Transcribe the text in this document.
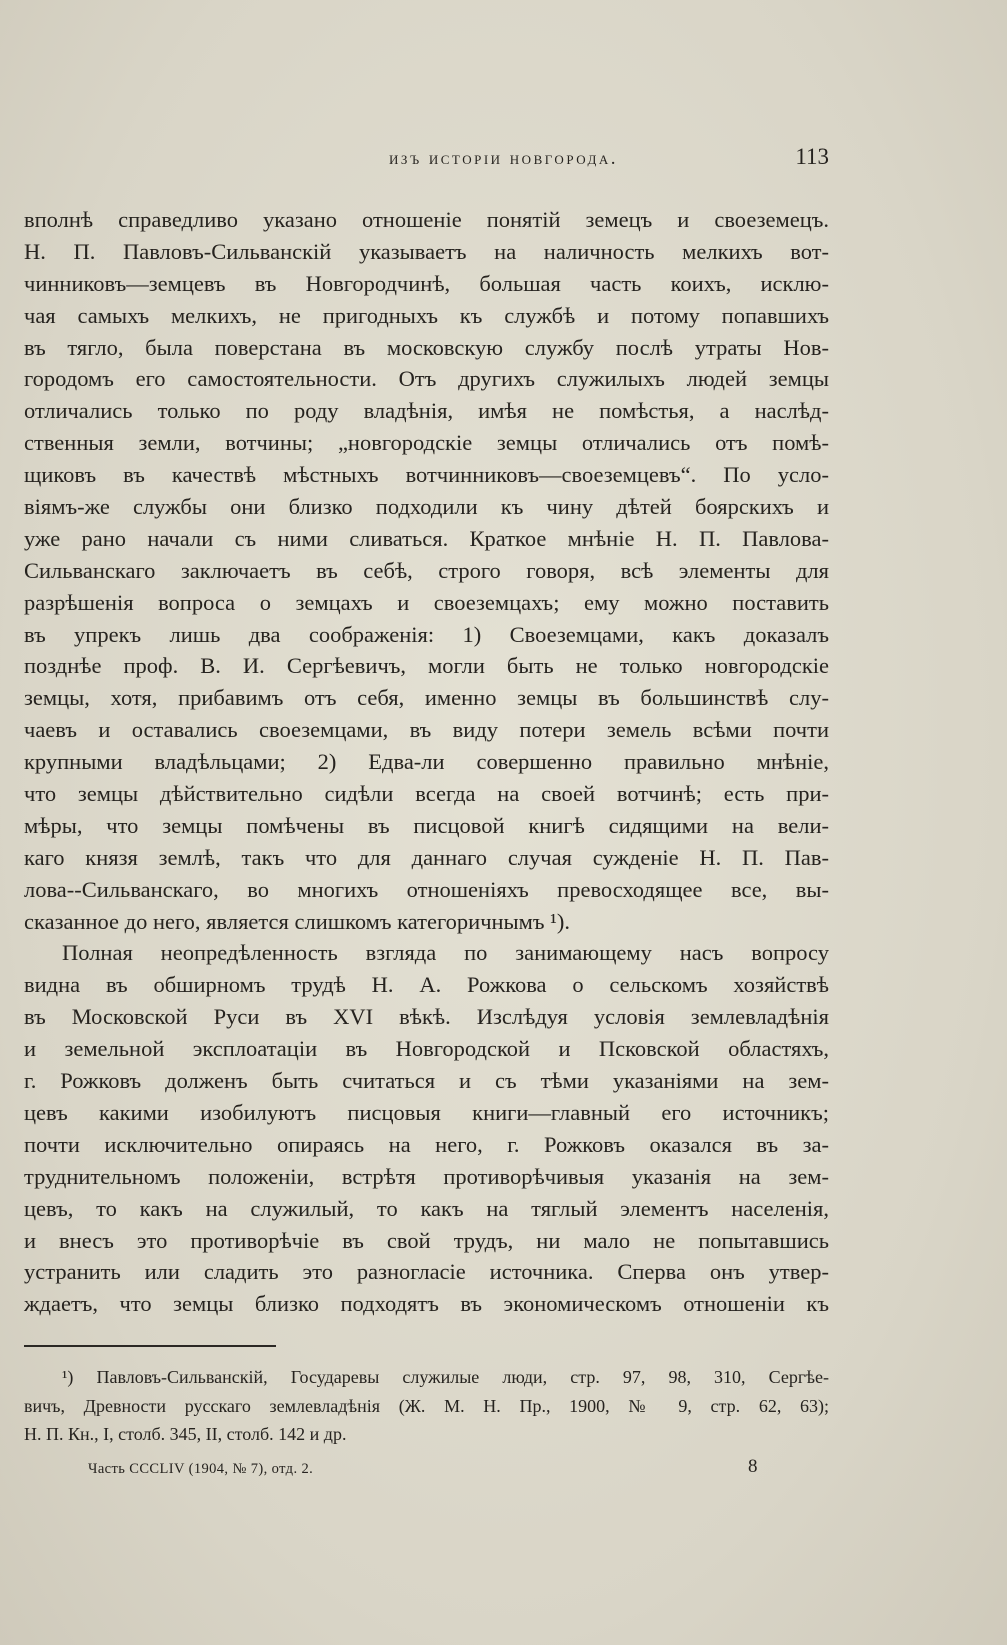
изъ исторіи новгорода.	113
вполнѣ справедливо указано отношеніе понятій земецъ и своеземецъ.
Н. П. Павловъ-Сильванскій указываетъ на наличность мелкихъ вот-
чинниковъ—земцевъ въ Новгородчинѣ, большая часть коихъ, исклю-
чая самыхъ мелкихъ, не пригодныхъ къ службѣ и потому попавшихъ
въ тягло, была поверстана въ московскую службу послѣ утраты Нов-
городомъ его самостоятельности. Отъ другихъ служилыхъ людей земцы
отличались только по роду владѣнія, имѣя не помѣстья, а наслѣд-
ственныя земли, вотчины; „новгородскіе земцы отличались отъ помѣ-
щиковъ въ качествѣ мѣстныхъ вотчинниковъ—своеземцевъ“. По усло-
віямъ-же службы они близко подходили къ чину дѣтей боярскихъ и
уже рано начали съ ними сливаться. Краткое мнѣніе Н. П. Павлова-
Сильванскаго заключаетъ въ себѣ, строго говоря, всѣ элементы для
разрѣшенія вопроса о земцахъ и своеземцахъ; ему можно поставить
въ упрекъ лишь два соображенія: 1) Своеземцами, какъ доказалъ
позднѣе проф. В. И. Сергѣевичъ, могли быть не только новгородскіе
земцы, хотя, прибавимъ отъ себя, именно земцы въ большинствѣ слу-
чаевъ и оставались своеземцами, въ виду потери земель всѣми почти
крупными владѣльцами; 2) Едва-ли совершенно правильно мнѣніе,
что земцы дѣйствительно сидѣли всегда на своей вотчинѣ; есть при-
мѣры, что земцы помѣчены въ писцовой книгѣ сидящими на вели-
каго князя землѣ, такъ что для даннаго случая сужденіе Н. П. Пав-
лова--Сильванскаго, во многихъ отношеніяхъ превосходящее все, вы-
сказанное до него, является слишкомъ категоричнымъ ¹).
Полная неопредѣленность взгляда по занимающему насъ вопросу
видна въ обширномъ трудѣ Н. А. Рожкова о сельскомъ хозяйствѣ
въ Московской Руси въ XVI вѣкѣ. Изслѣдуя условія землевладѣнія
и земельной эксплоатаціи въ Новгородской и Псковской областяхъ,
г. Рожковъ долженъ быть считаться и съ тѣми указаніями на зем-
цевъ какими изобилуютъ писцовыя книги—главный его источникъ;
почти исключительно опираясь на него, г. Рожковъ оказался въ за-
труднительномъ положеніи, встрѣтя противорѣчивыя указанія на зем-
цевъ, то какъ на служилый, то какъ на тяглый элементъ населенія,
и внесъ это противорѣчіе въ свой трудъ, ни мало не попытавшись
устранить или сладить это разногласіе источника. Сперва онъ утвер-
ждаетъ, что земцы близко подходятъ въ экономическомъ отношеніи къ
¹) Павловъ-Сильванскій, Государевы служилые люди, стр. 97, 98, 310, Сергѣе-
вичъ, Древности русскаго землевладѣнія (Ж. М. Н. Пр., 1900, № 9, стр. 62, 63);
Н. П. Кн., I, столб. 345, II, столб. 142 и др.
Часть CCCLIV (1904, № 7), отд. 2.	8
